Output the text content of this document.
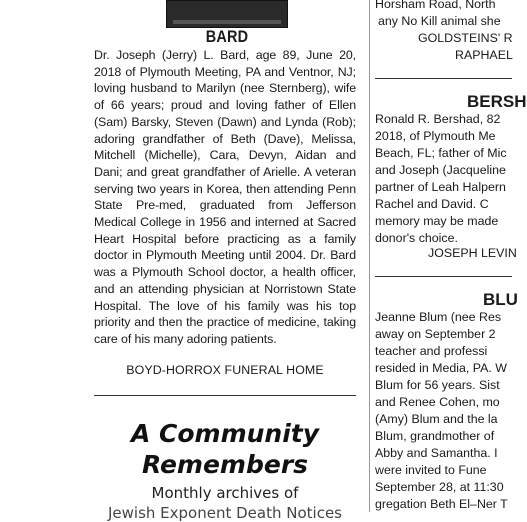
BARD
Dr. Joseph (Jerry) L. Bard, age 89, June 20, 2018 of Plymouth Meeting, PA and Ventnor, NJ; loving husband to Marilyn (nee Sternberg), wife of 66 years; proud and loving father of Ellen (Sam) Barsky, Steven (Dawn) and Lynda (Rob); adoring grandfather of Beth (Dave), Melissa, Mitchell (Michelle), Cara, Devyn, Aidan and Dani; and great grandfather of Arielle. A veteran serving two years in Korea, then attending Penn State Pre-med, graduated from Jefferson Medical College in 1956 and interned at Sacred Heart Hospital before practicing as a family doctor in Plymouth Meeting until 2004. Dr. Bard was a Plymouth School doctor, a health officer, and an attending physician at Norristown State Hospital. The love of his family was his top priority and then the practice of medicine, taking care of his many adoring patients.
BOYD-HORROX FUNERAL HOME
A Community
Remembers
Monthly archives of
Jewish Exponent Death Notices
Horsham Road, North
any No Kill animal she
GOLDSTEINS' R
RAPHAEL
BERSH
Ronald R. Bershad, 82
2018, of Plymouth Me
Beach, FL; father of Mic
and Joseph (Jacqueline
partner of Leah Halpern
Rachel and David. C
memory may be made
donor's choice.
JOSEPH LEVIN
BLU
Jeanne Blum (nee Res
away on September 2
teacher and professi
resided in Media, PA. W
Blum for 56 years. Sist
and Renee Cohen, mo
(Amy) Blum and the la
Blum, grandmother of
Abby and Samantha. I
were invited to Fune
September 28, at 11:30
gregation Beth El–Ner T
